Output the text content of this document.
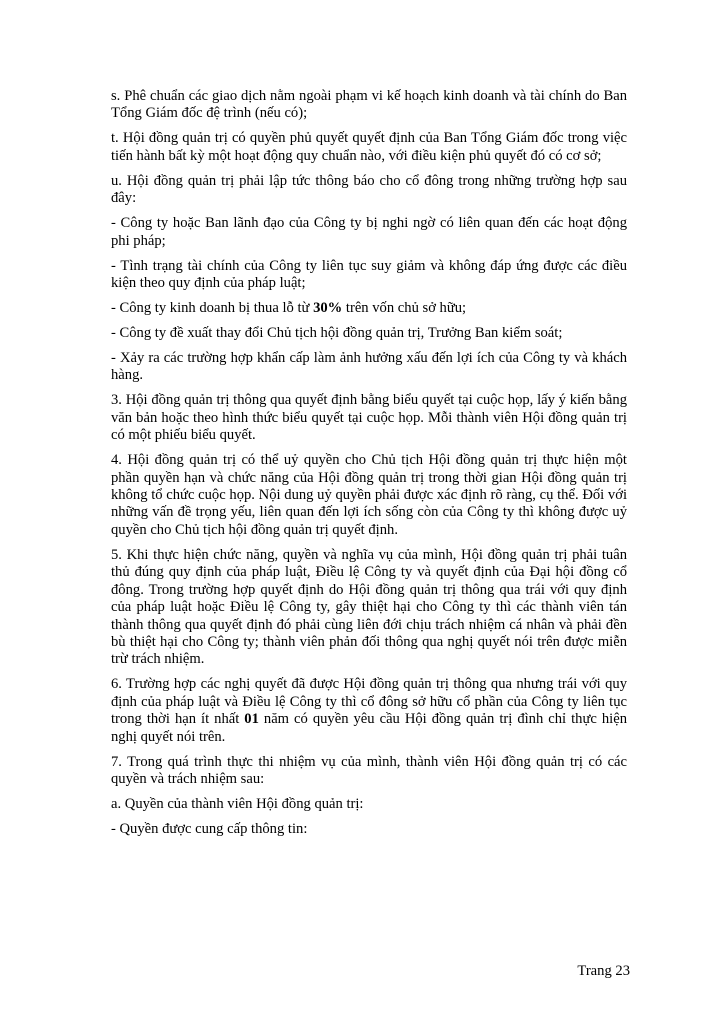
s. Phê chuẩn các giao dịch nằm ngoài phạm vi kế hoạch kinh doanh và tài chính do Ban Tổng Giám đốc đệ trình (nếu có);

t. Hội đồng quản trị có quyền phủ quyết quyết định của Ban Tổng Giám đốc trong việc tiến hành bất kỳ một hoạt động quy chuẩn nào, với điều kiện phủ quyết đó có cơ sở;

u. Hội đồng quản trị phải lập tức thông báo cho cổ đông trong những trường hợp sau đây:

- Công ty hoặc Ban lãnh đạo của Công ty bị nghi ngờ có liên quan đến các hoạt động phi pháp;

- Tình trạng tài chính của Công ty liên tục suy giảm và không đáp ứng được các điều kiện theo quy định của pháp luật;

- Công ty kinh doanh bị thua lỗ từ 30% trên vốn chủ sở hữu;

- Công ty đề xuất thay đổi Chủ tịch hội đồng quản trị, Trưởng Ban kiểm soát;

- Xảy ra các trường hợp khẩn cấp làm ảnh hưởng xấu đến lợi ích của Công ty và khách hàng.

3. Hội đồng quản trị thông qua quyết định bằng biểu quyết tại cuộc họp, lấy ý kiến bằng văn bản hoặc theo hình thức biểu quyết tại cuộc họp. Mỗi thành viên Hội đồng quản trị có một phiếu biểu quyết.

4. Hội đồng quản trị có thể uỷ quyền cho Chủ tịch Hội đồng quản trị thực hiện một phần quyền hạn và chức năng của Hội đồng quản trị trong thời gian Hội đồng quản trị không tổ chức cuộc họp. Nội dung uỷ quyền phải được xác định rõ ràng, cụ thể. Đối với những vấn đề trọng yếu, liên quan đến lợi ích sống còn của Công ty thì không được uỷ quyền cho Chủ tịch hội đồng quản trị quyết định.

5. Khi thực hiện chức năng, quyền và nghĩa vụ của mình, Hội đồng quản trị phải tuân thủ đúng quy định của pháp luật, Điều lệ Công ty và quyết định của Đại hội đồng cổ đông. Trong trường hợp quyết định do Hội đồng quản trị thông qua trái với quy định của pháp luật hoặc Điều lệ Công ty, gây thiệt hại cho Công ty thì các thành viên tán thành thông qua quyết định đó phải cùng liên đới chịu trách nhiệm cá nhân và phải đền bù thiệt hại cho Công ty; thành viên phản đối thông qua nghị quyết nói trên được miễn trừ trách nhiệm.

6. Trường hợp các nghị quyết đã được Hội đồng quản trị thông qua nhưng trái với quy định của pháp luật và Điều lệ Công ty thì cổ đông sở hữu cổ phần của Công ty liên tục trong thời hạn ít nhất 01 năm có quyền yêu cầu Hội đồng quản trị đình chỉ thực hiện nghị quyết nói trên.

7. Trong quá trình thực thi nhiệm vụ của mình, thành viên Hội đồng quản trị có các quyền và trách nhiệm sau:

a. Quyền của thành viên Hội đồng quản trị:

- Quyền được cung cấp thông tin:

Trang 23
